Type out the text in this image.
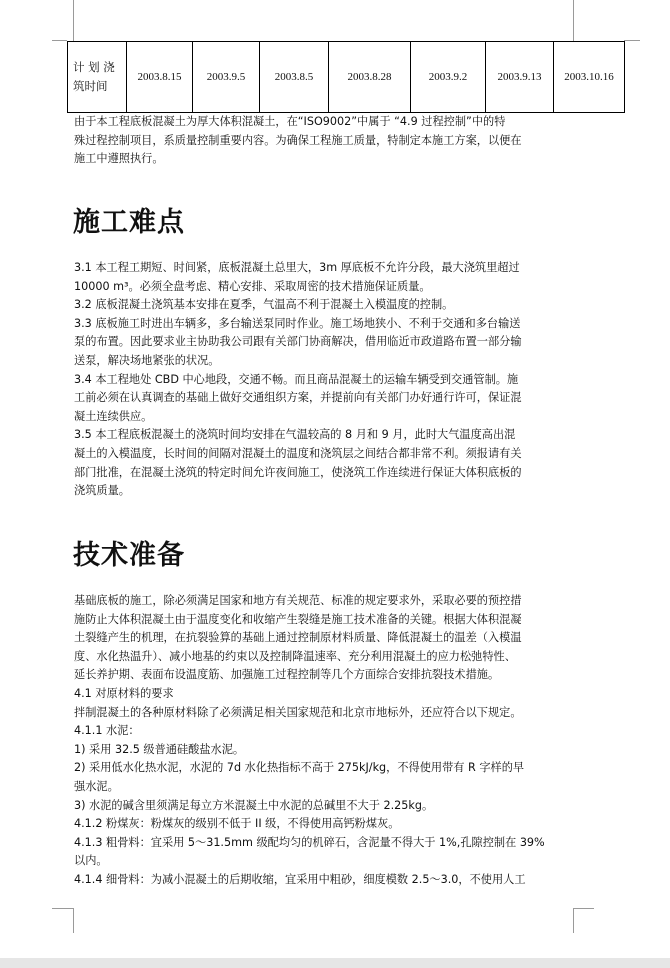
计 划 浇
筑时间
	2003.8.15	2003.9.5	2003.8.5	2003.8.28	2003.9.2	2003.9.13	2003.10.16

由于本工程底板混凝土为厚大体积混凝土，在“ISO9002”中属于 “4.9 过程控制”中的特
殊过程控制项目，系质量控制重要内容。为确保工程施工质量，特制定本施工方案，以便在
施工中遵照执行。

施工难点
3.1 本工程工期短、时间紧，底板混凝土总里大，3m 厚底板不允许分段，最大浇筑里超过
10000 m³。必须全盘考虑、精心安排、采取周密的技术措施保证质量。
3.2 底板混凝土浇筑基本安排在夏季，气温高不利于混凝土入模温度的控制。
3.3 底板施工时进出车辆多，多台输送泵同时作业。施工场地狭小、不利于交通和多台输送
泵的布置。因此要求业主协助我公司跟有关部门协商解决，借用临近市政道路布置一部分输
送泵，解决场地紧张的状况。
3.4 本工程地处 CBD 中心地段，交通不畅。而且商品混凝土的运输车辆受到交通管制。施
工前必须在认真调查的基础上做好交通组织方案，并提前向有关部门办好通行许可，保证混
凝土连续供应。
3.5 本工程底板混凝土的浇筑时间均安排在气温较高的 8 月和 9 月，此时大气温度高出混
凝土的入模温度，长时间的间隔对混凝土的温度和浇筑层之间结合都非常不利。须报请有关
部门批准，在混凝土浇筑的特定时间允许夜间施工，使浇筑工作连续进行保证大体积底板的
浇筑质量。
技术准备
基础底板的施工，除必须满足国家和地方有关规范、标准的规定要求外，采取必要的预控措
施防止大体积混凝土由于温度变化和收缩产生裂缝是施工技术准备的关键。根据大体积混凝
土裂缝产生的机理，在抗裂验算的基础上通过控制原材料质量、降低混凝土的温差（入模温
度、水化热温升）、减小地基的约束以及控制降温速率、充分利用混凝土的应力松弛特性、
延长养护期、表面布设温度筋、加强施工过程控制等几个方面综合安排抗裂技术措施。
4.1 对原材料的要求
拌制混凝土的各种原材料除了必须满足相关国家规范和北京市地标外，还应符合以下规定。
4.1.1 水泥：
1) 采用 32.5 级普通硅酸盐水泥。
2) 采用低水化热水泥，水泥的 7d 水化热指标不高于 275kJ/kg，不得使用带有 R 字样的早
强水泥。
3) 水泥的碱含里须满足每立方米混凝土中水泥的总碱里不大于 2.25kg。
4.1.2 粉煤灰：粉煤灰的级别不低于 II 级，不得使用高钙粉煤灰。
4.1.3 粗骨料：宜采用 5～31.5mm 级配均匀的机碎石，含泥量不得大于 1%,孔隙控制在 39%
以内。
4.1.4 细骨料：为减小混凝土的后期收缩，宜采用中粗砂，细度模数 2.5～3.0，不使用人工
